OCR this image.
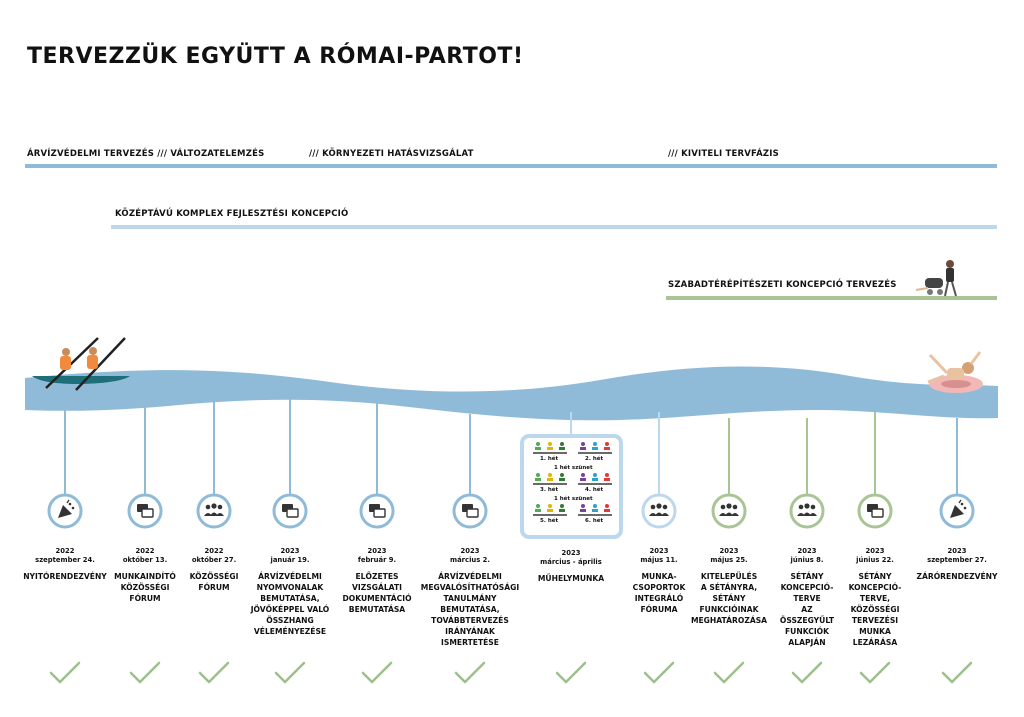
TERVEZZÜK EGYÜTT A RÓMAI-PARTOT!
ÁRVÍZVÉDELMI TERVEZÉS /// VÁLTOZATELEMZÉS	/// KÖRNYEZETI HATÁSVIZSGÁLAT	/// KIVITELI TERVFÁZIS
KÖZÉPTÁVÚ KOMPLEX FEJLESZTÉSI KONCEPCIÓ
SZABADTÉRÉPÍTÉSZETI KONCEPCIÓ TERVEZÉS
1. hét	2. hét
1 hét szünet
3. hét	4. hét
1 hét szünet
5. hét	6. hét
2022
szeptember 24.
NYITÓRENDEZVÉNY
2022
október 13.
MUNKAINDÍTÓ
KÖZÖSSÉGI
FÓRUM
2022
október 27.
KÖZÖSSÉGI
FÓRUM
2023
január 19.
ÁRVÍZVÉDELMI
NYOMVONALAK
BEMUTATÁSA,
JÖVŐKÉPPEL VALÓ
ÖSSZHANG
VÉLEMÉNYEZÉSE
2023
február 9.
ELŐZETES
VIZSGÁLATI
DOKUMENTÁCIÓ
BEMUTATÁSA
2023
március 2.
ÁRVÍZVÉDELMI
MEGVALÓSÍTHATÓSÁGI
TANULMÁNY
BEMUTATÁSA,
TOVÁBBTERVEZÉS
IRÁNYÁNAK
ISMERTETÉSE
2023
március - április
MŰHELYMUNKA
2023
május 11.
MUNKA-
CSOPORTOK
INTEGRÁLÓ
FÓRUMA
2023
május 25.
KITELEPÜLÉS
A SÉTÁNYRA,
SÉTÁNY
FUNKCIÓINAK
MEGHATÁROZÁSA
2023
június 8.
SÉTÁNY
KONCEPCIÓ-
TERVE
AZ
ÖSSZEGYŰLT
FUNKCIÓK
ALAPJÁN
2023
június 22.
SÉTÁNY
KONCEPCIÓ-
TERVE,
KÖZÖSSÉGI
TERVEZÉSI
MUNKA
LEZÁRÁSA
2023
szeptember 27.
ZÁRÓRENDEZVÉNY
